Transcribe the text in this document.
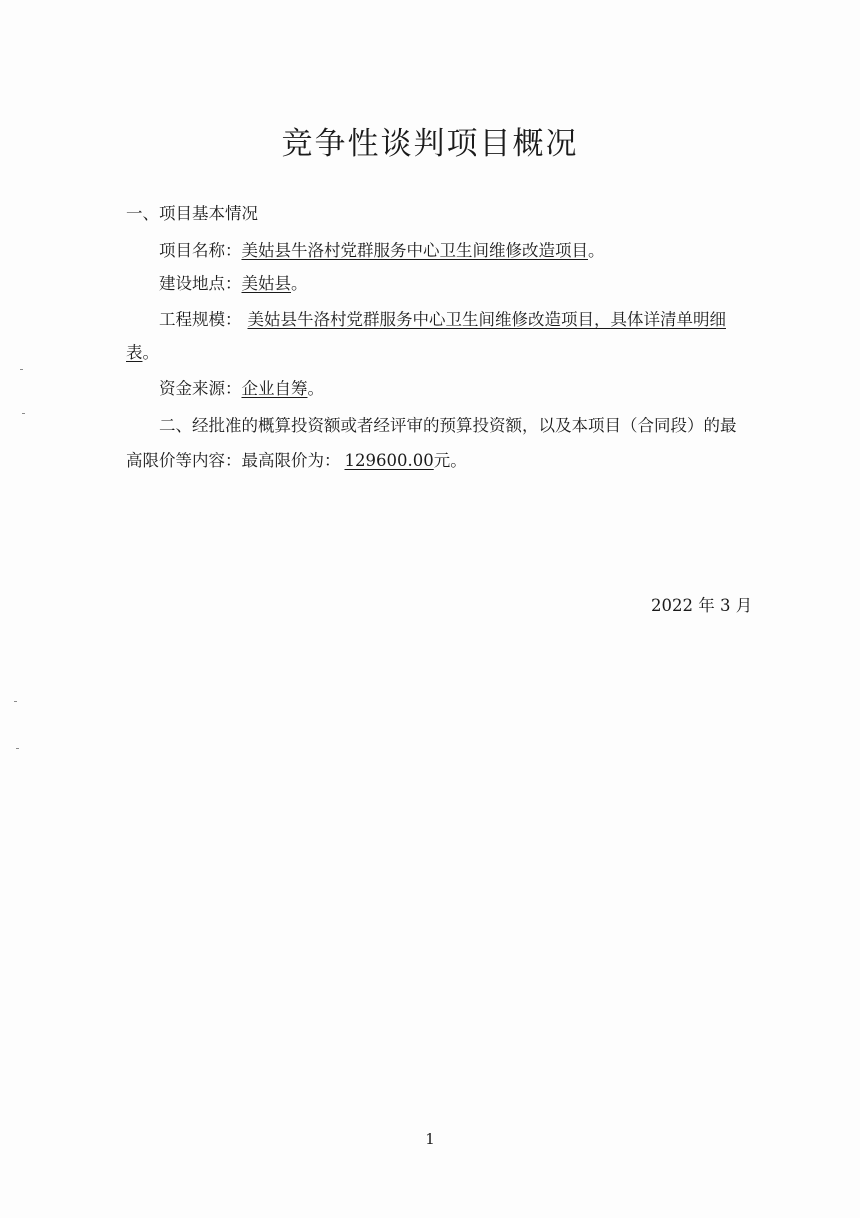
竞争性谈判项目概况

一、项目基本情况

项目名称：美姑县牛洛村党群服务中心卫生间维修改造项目。

建设地点：美姑县。

工程规模： 美姑县牛洛村党群服务中心卫生间维修改造项目，具体详清单明细

表。

资金来源：企业自筹。

二、经批准的概算投资额或者经评审的预算投资额，以及本项目（合同段）的最

高限价等内容：最高限价为： 129600.00元。

2022 年 3 月
1
